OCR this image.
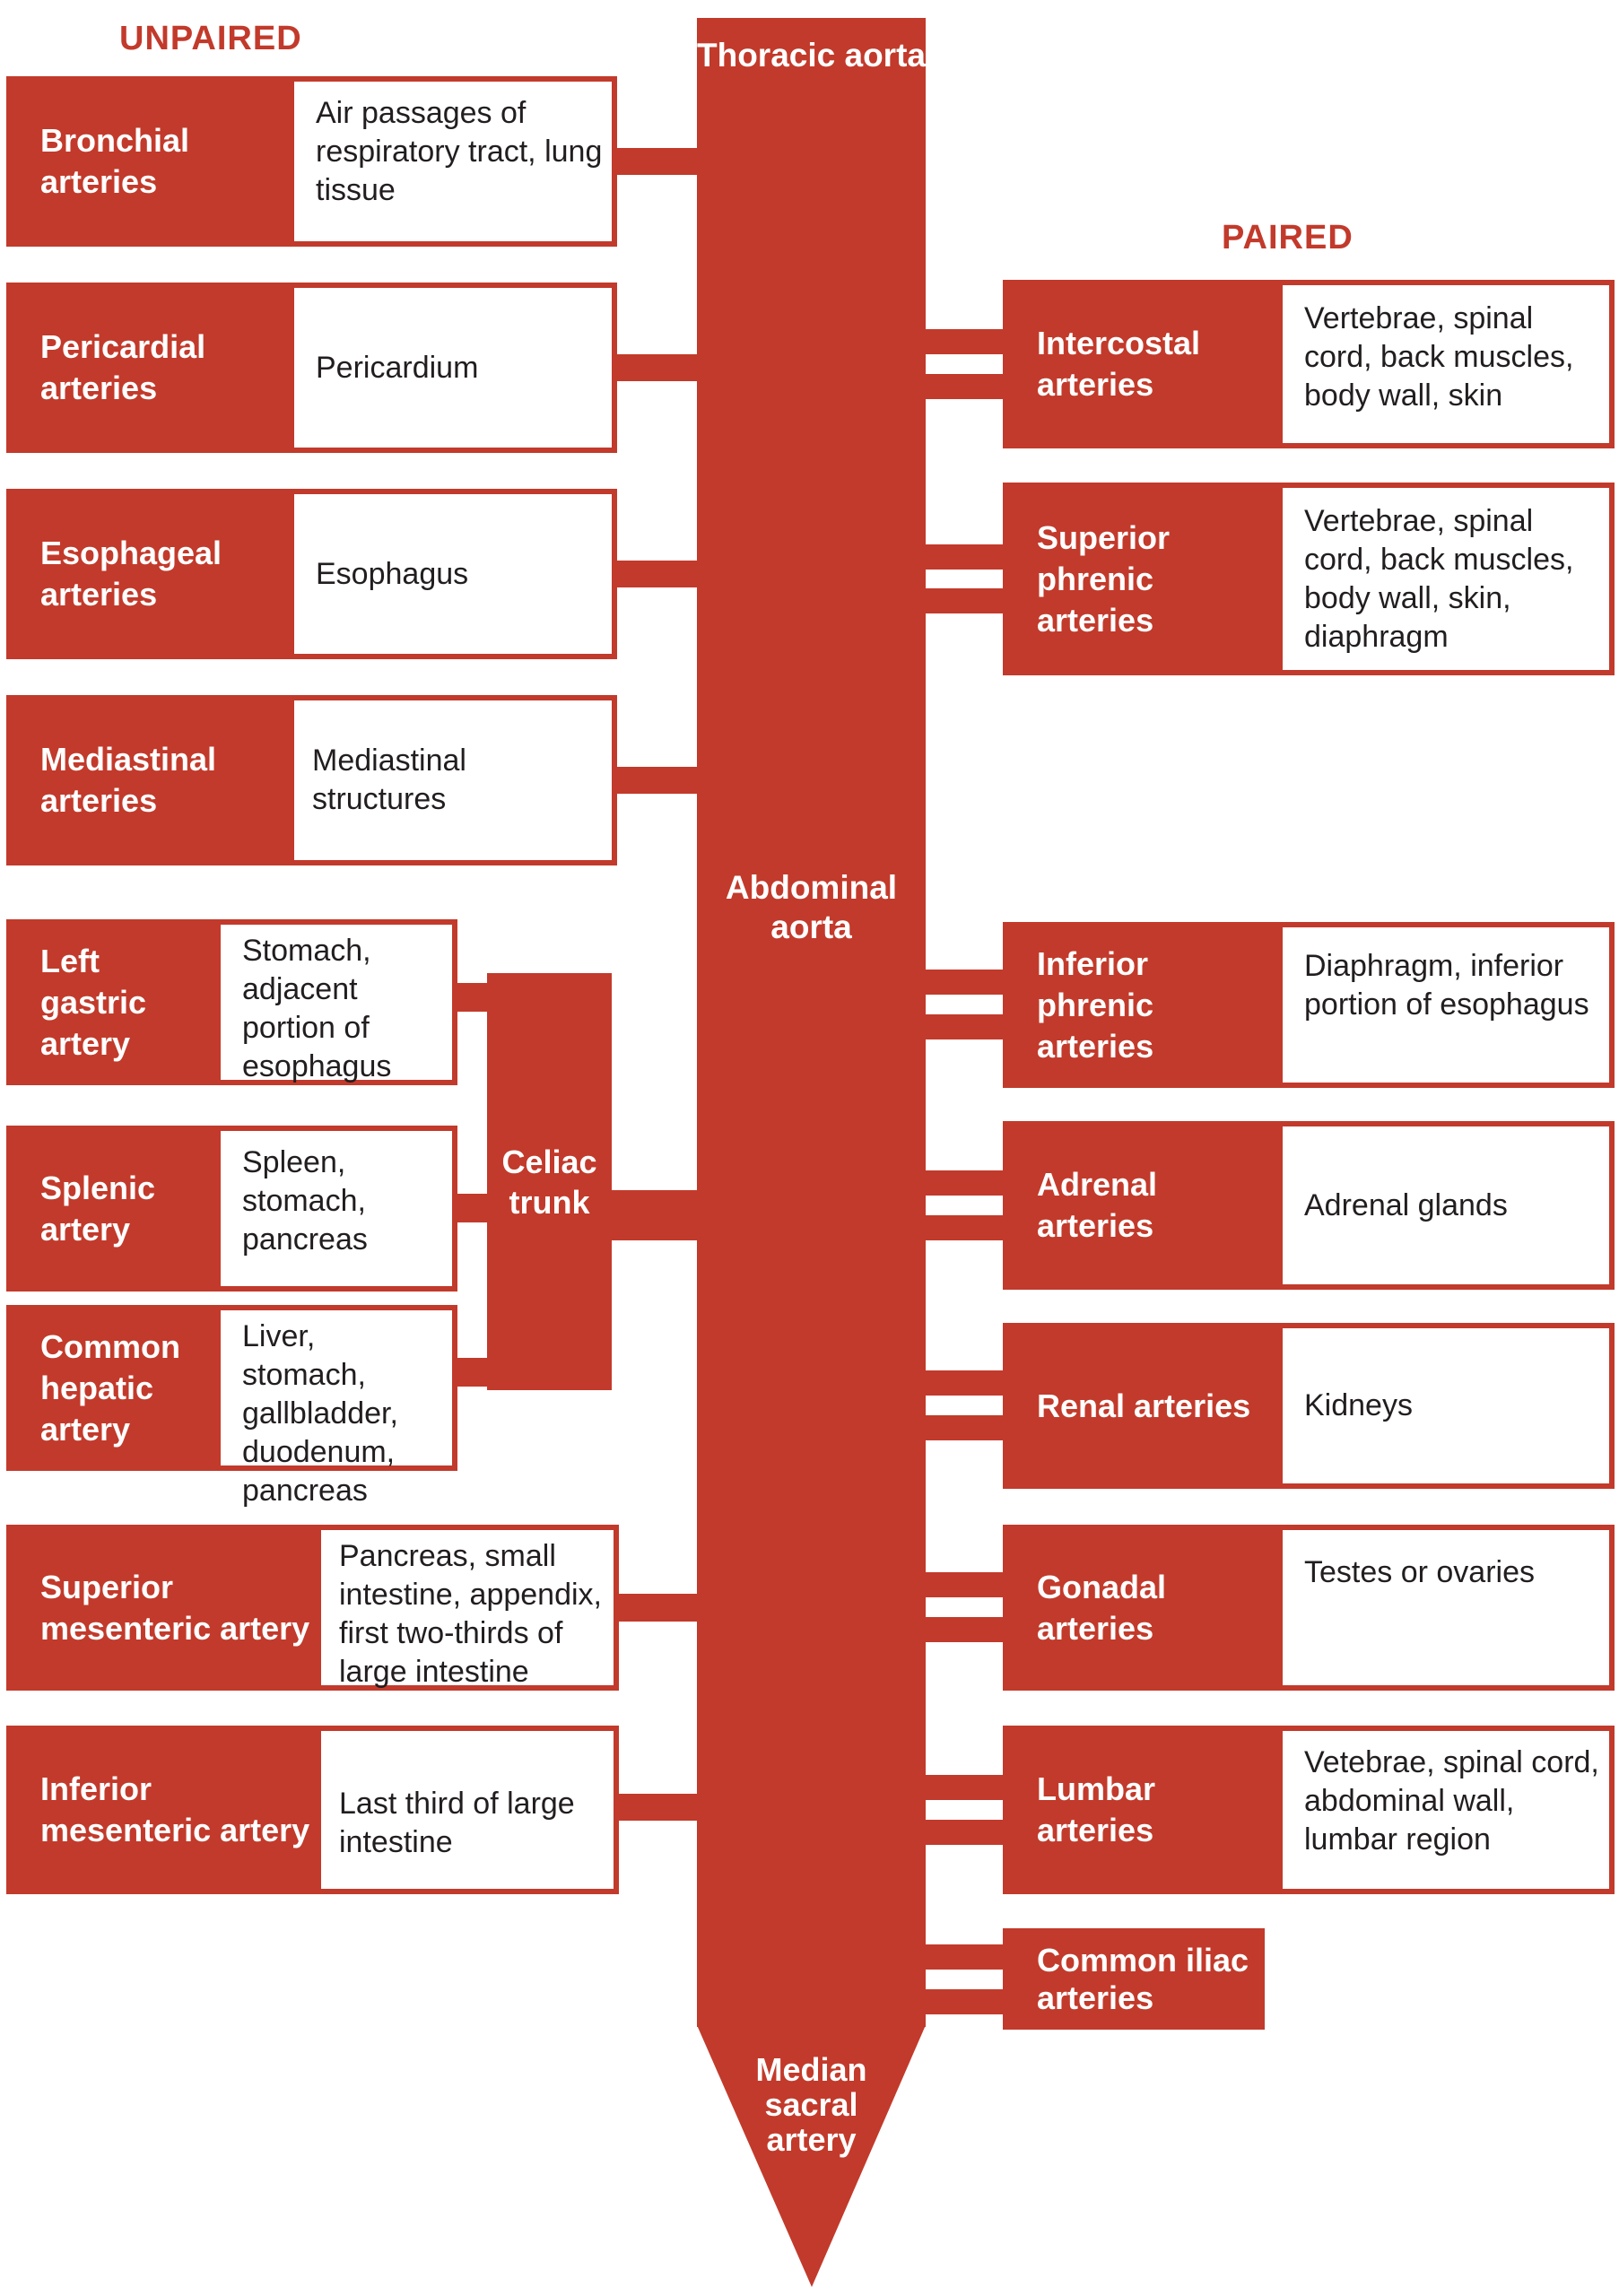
UNPAIRED
PAIRED
Thoracic aorta
Abdominal aorta
Median sacral artery
Bronchial arteries
Air passages of respiratory tract, lung tissue
Pericardial arteries
Pericardium
Esophageal arteries
Esophagus
Mediastinal arteries
Mediastinal structures
Left gastric artery
Stomach, adjacent portion of esophagus
Splenic artery
Spleen, stomach, pancreas
Common hepatic artery
Liver, stomach, gallbladder, duodenum, pancreas
Celiac trunk
Superior mesenteric artery
Pancreas, small intestine, appendix, first two-thirds of large intestine
Inferior mesenteric artery
Last third of large intestine
Intercostal arteries
Vertebrae, spinal cord, back muscles, body wall, skin
Superior phrenic arteries
Vertebrae, spinal cord, back muscles, body wall, skin, diaphragm
Inferior phrenic arteries
Diaphragm, inferior portion of esophagus
Adrenal arteries
Adrenal glands
Renal arteries	Kidneys
Gonadal arteries
Testes or ovaries
Lumbar arteries
Vetebrae, spinal cord, abdominal wall, lumbar region
Common iliac arteries
